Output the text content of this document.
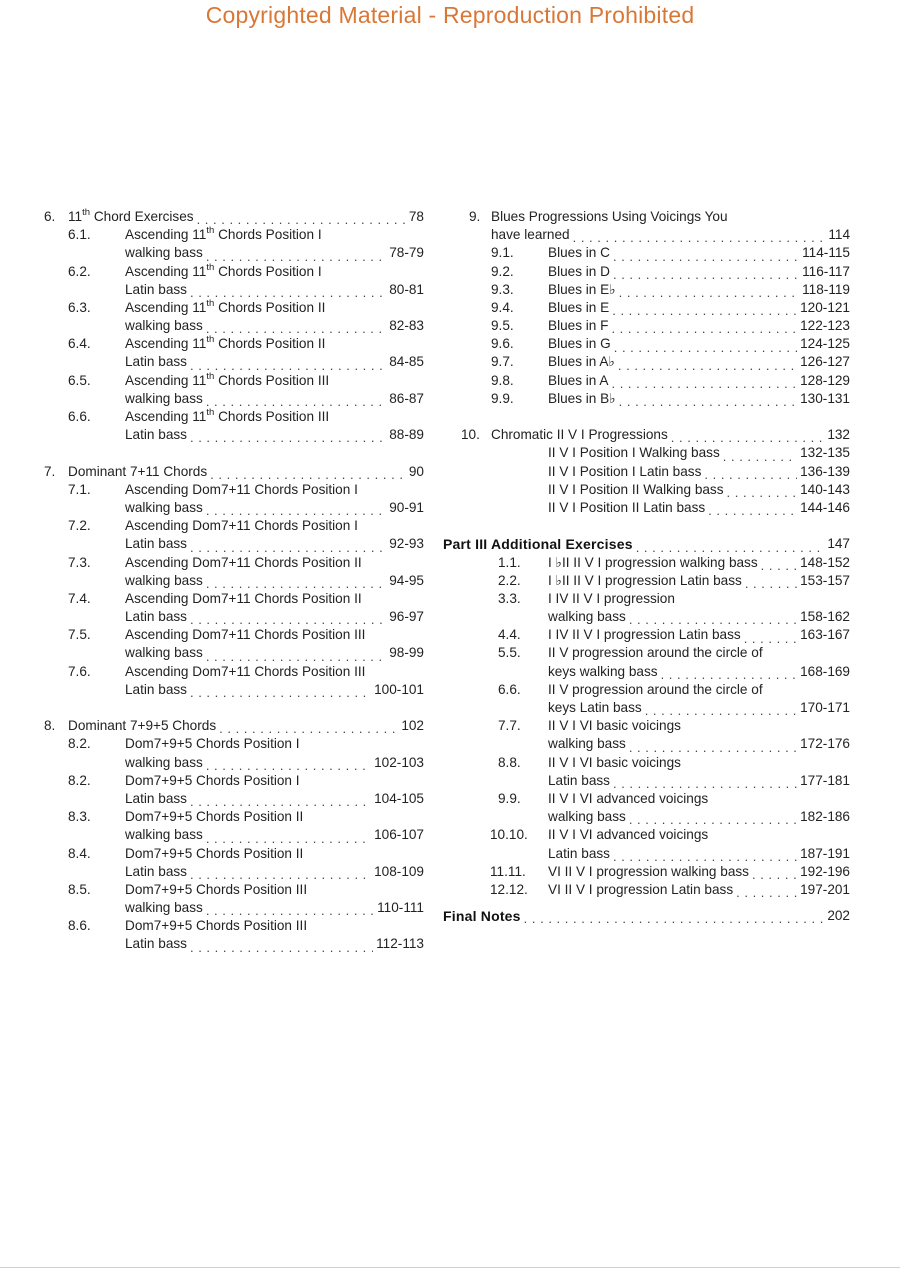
Copyrighted Material - Reproduction Prohibited
6. 11th Chord Exercises . . .	78
6.1.	Ascending 11th Chords Position I
walking bass . . .	78-79
6.2.	Ascending 11th Chords Position I
Latin bass . . .	80-81
6.3.	Ascending 11th Chords Position II
walking bass . . .	82-83
6.4.	Ascending 11th Chords Position II
Latin bass . . .	84-85
6.5.	Ascending 11th Chords Position III
walking bass . . .	86-87
6.6.	Ascending 11th Chords Position III
Latin bass . . .	88-89
7. Dominant 7+11 Chords . . .	90
7.1.	Ascending Dom7+11 Chords Position I
walking bass . . .	90-91
7.2.	Ascending Dom7+11 Chords Position I
Latin bass . . .	92-93
7.3.	Ascending Dom7+11 Chords Position II
walking bass . . .	94-95
7.4.	Ascending Dom7+11 Chords Position II
Latin bass . . .	96-97
7.5.	Ascending Dom7+11 Chords Position III
walking bass . . .	98-99
7.6.	Ascending Dom7+11 Chords Position III
Latin bass . . .	100-101
8. Dominant 7+9+5 Chords . . .	102
8.2.	Dom7+9+5 Chords Position I
walking bass . . .	102-103
8.2.	Dom7+9+5 Chords Position I
Latin bass . . .	104-105
8.3.	Dom7+9+5 Chords Position II
walking bass . . .	106-107
8.4.	Dom7+9+5 Chords Position II
Latin bass . . .	108-109
8.5.	Dom7+9+5 Chords Position III
walking bass . . .	110-111
8.6.	Dom7+9+5 Chords Position III
Latin bass . . .	112-113
9. Blues Progressions Using Voicings You
have learned . . .	114
9.1.	Blues in C . . .	114-115
9.2.	Blues in D . . .	116-117
9.3.	Blues in E♭ . . .	118-119
9.4.	Blues in E . . .	120-121
9.5.	Blues in F . . .	122-123
9.6.	Blues in G . . .	124-125
9.7.	Blues in A♭ . . .	126-127
9.8.	Blues in A . . .	128-129
9.9.	Blues in B♭ . . .	130-131
10. Chromatic II V I Progressions . . .	132
II V I Position I Walking bass . . .	132-135
II V I Position I Latin bass . . .	136-139
II V I Position II Walking bass . . .	140-143
II V I Position II Latin bass . . .	144-146
Part III Additional Exercises . . .	147
1.1.	I ♭II II V I progression walking bass . . .	148-152
2.2.	I ♭II II V I progression Latin bass . . .	153-157
3.3.	I IV II V I progression
walking bass . . .	158-162
4.4.	I IV II V I progression Latin bass . . .	163-167
5.5.	II V progression around the circle of
keys walking bass . . .	168-169
6.6.	II V progression around the circle of
keys Latin bass . . .	170-171
7.7.	II V I VI basic voicings
walking bass . . .	172-176
8.8.	II V I VI basic voicings
Latin bass . . .	177-181
9.9.	II V I VI advanced voicings
walking bass . . .	182-186
10.10.	II V I VI advanced voicings
Latin bass . . .	187-191
11.11.	VI II V I progression walking bass . . .	192-196
12.12.	VI II V I progression Latin bass . . .	197-201
Final Notes . . .	202
